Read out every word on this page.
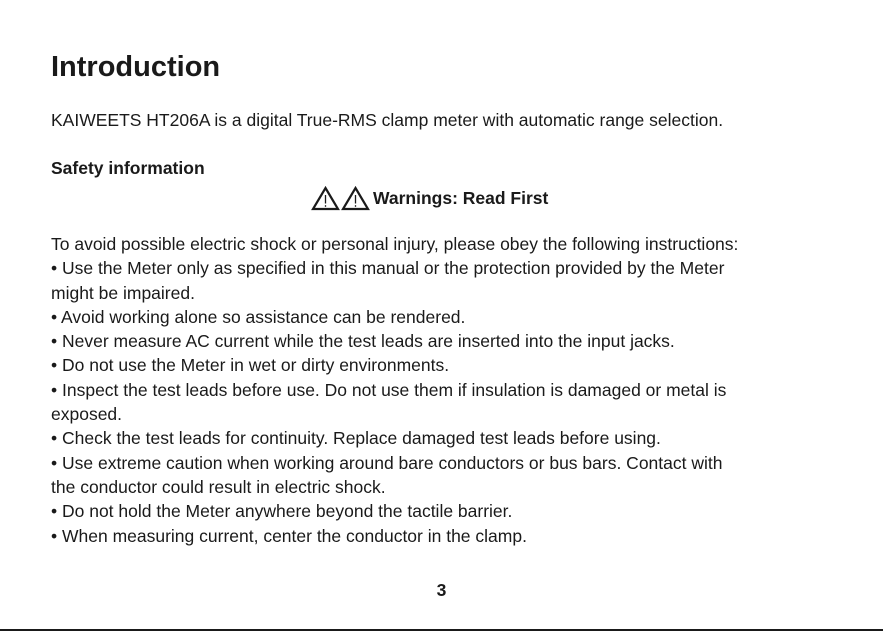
Introduction

KAIWEETS HT206A is a digital True-RMS clamp meter with automatic range selection.

Safety information
Warnings: Read First
To avoid possible electric shock or personal injury, please obey the following instructions:
• Use the Meter only as specified in this manual or the protection provided by the Meter
might be impaired.
• Avoid working alone so assistance can be rendered.
• Never measure AC current while the test leads are inserted into the input jacks.
• Do not use the Meter in wet or dirty environments.
• Inspect the test leads before use. Do not use them if insulation is damaged or metal is
exposed.
• Check the test leads for continuity. Replace damaged test leads before using.
• Use extreme caution when working around bare conductors or bus bars. Contact with
the conductor could result in electric shock.
• Do not hold the Meter anywhere beyond the tactile barrier.
• When measuring current, center the conductor in the clamp.
3
